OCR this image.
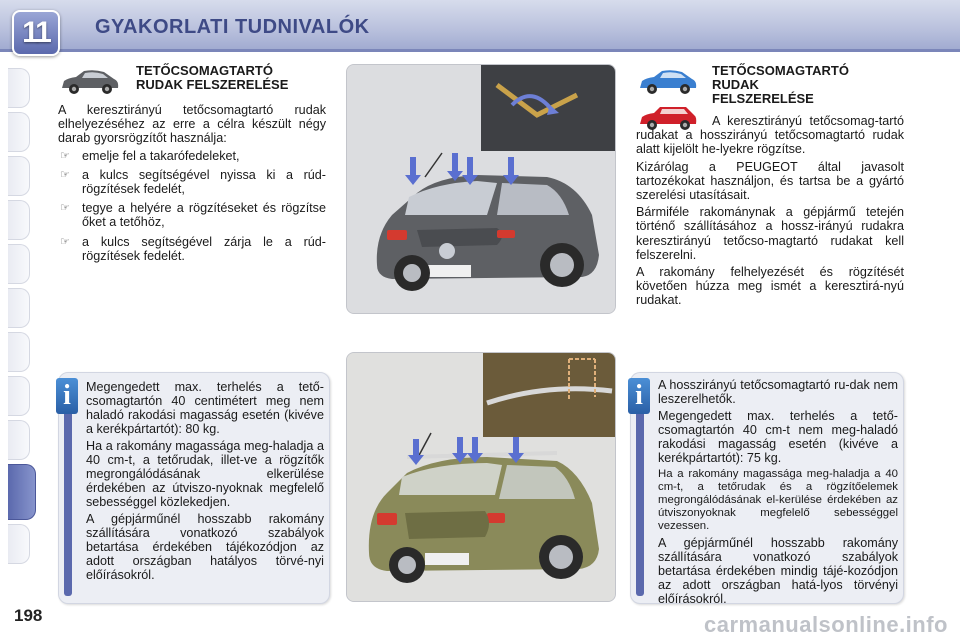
11 GYAKORLATI TUDNIVALÓK
TETŐCSOMAGTARTÓ
RUDAK FELSZERELÉSE

A keresztirányú tetőcsomagtartó rudak elhelyezéséhez az erre a célra készült négy darab gyorsrögzítőt használja:

☞ emelje fel a takarófedeleket,
☞ a kulcs segítségével nyissa ki a rúd-rögzítések fedelét,
☞ tegye a helyére a rögzítéseket és rögzítse őket a tetőhöz,
☞ a kulcs segítségével zárja le a rúd-rögzítések fedelét.
TETŐCSOMAGTARTÓ
RUDAK
FELSZERELÉSE

A keresztirányú tetőcsomag-tartó rudakat a hosszirányú tetőcsomagtartó rudak alatt kijelölt he-lyekre rögzítse.

Kizárólag a PEUGEOT által javasolt tartozékokat használjon, és tartsa be a gyártó szerelési utasításait.

Bármiféle rakománynak a gépjármű tetején történő szállításához a hossz-irányú rudakra keresztirányú tetőcso-magtartó rudakat kell felszerelni.

A rakomány felhelyezését és rögzítését követően húzza meg ismét a keresztirá-nyú rudakat.

i	Megengedett max. terhelés a tető-csomagtartón 40 centimétert meg nem haladó rakodási magasság esetén (kivéve a kerékpártartót): 80 kg.

Ha a rakomány magassága meg-haladja a 40 cm-t, a tetőrudak, illet-ve a rögzítők megrongálódásának elkerülése érdekében az útviszo-nyoknak megfelelő sebességgel közlekedjen.

A gépjárműnél hosszabb rakomány szállítására vonatkozó szabályok betartása érdekében tájékozódjon az adott országban hatályos törvé-nyi előírásokról.

i	A hosszirányú tetőcsomagtartó ru-dak nem leszerelhetők.

Megengedett max. terhelés a tető-csomagtartón 40 cm-t nem meg-haladó rakodási magasság esetén (kivéve a kerékpártartót): 75 kg.

Ha a rakomány magassága meg-haladja a 40 cm-t, a tetőrudak és a rögzítőelemek megrongálódásának el-kerülése érdekében az útviszonyoknak megfelelő sebességgel vezessen.

A gépjárműnél hosszabb rakomány szállítására vonatkozó szabályok betartása érdekében mindig tájé-kozódjon az adott országban hatá-lyos törvényi előírásokról.

198	carmanualsonline.info
